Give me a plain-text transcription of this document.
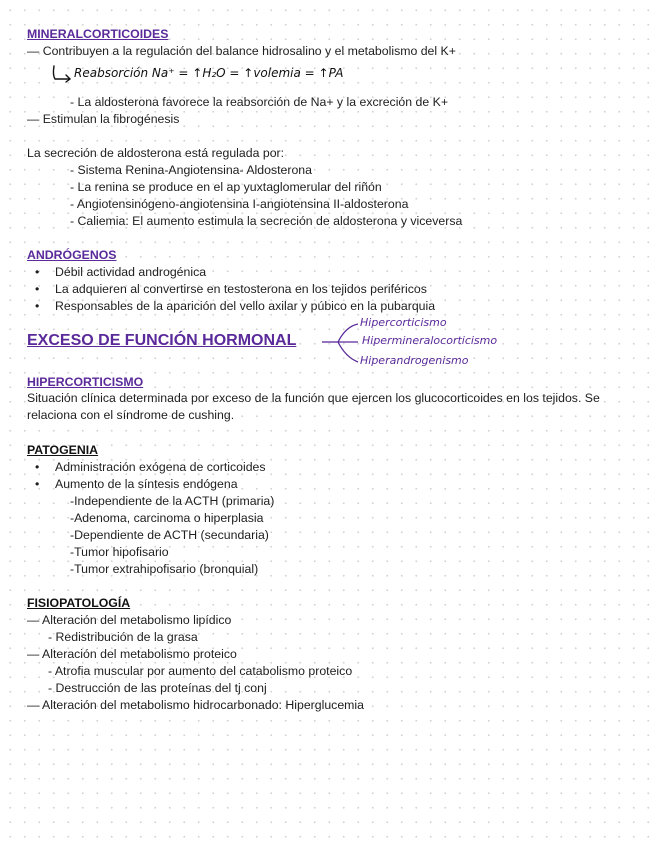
MINERALCORTICOIDES
— Contribuyen a la regulación del balance hidrosalino y el metabolismo del K+
Reabsorción Na⁺ = ↑H₂O = ↑volemia = ↑PA
- La aldosterona favorece la reabsorción de Na+ y la excreción de K+
— Estimulan la fibrogénesis
La secreción de aldosterona está regulada por:
- Sistema Renina-Angiotensina- Aldosterona
- La renina se produce en el ap yuxtaglomerular del riñón
- Angiotensinógeno-angiotensina I-angiotensina II-aldosterona
- Caliemia: El aumento estimula la secreción de aldosterona y viceversa
ANDRÓGENOS
• Débil actividad androgénica
• La adquieren al convertirse en testosterona en los tejidos periféricos
• Responsables de la aparición del vello axilar y púbico en la pubarquia
EXCESO DE FUNCIÓN HORMONAL
Hipercorticismo
Hipermineralocorticismo
Hiperandrogenismo
HIPERCORTICISMO
Situación clínica determinada por exceso de la función que ejercen los glucocorticoides en los tejidos. Se relaciona con el síndrome de cushing.
PATOGENIA
• Administración exógena de corticoides
• Aumento de la síntesis endógena
-Independiente de la ACTH (primaria)
-Adenoma, carcinoma o hiperplasia
-Dependiente de ACTH (secundaria)
-Tumor hipofisario
-Tumor extrahipofisario (bronquial)
FISIOPATOLOGÍA
— Alteración del metabolismo lipídico
- Redistribución de la grasa
— Alteración del metabolismo proteico
- Atrofia muscular por aumento del catabolismo proteico
- Destrucción de las proteínas del tj conj
— Alteración del metabolismo hidrocarbonado: Hiperglucemia
